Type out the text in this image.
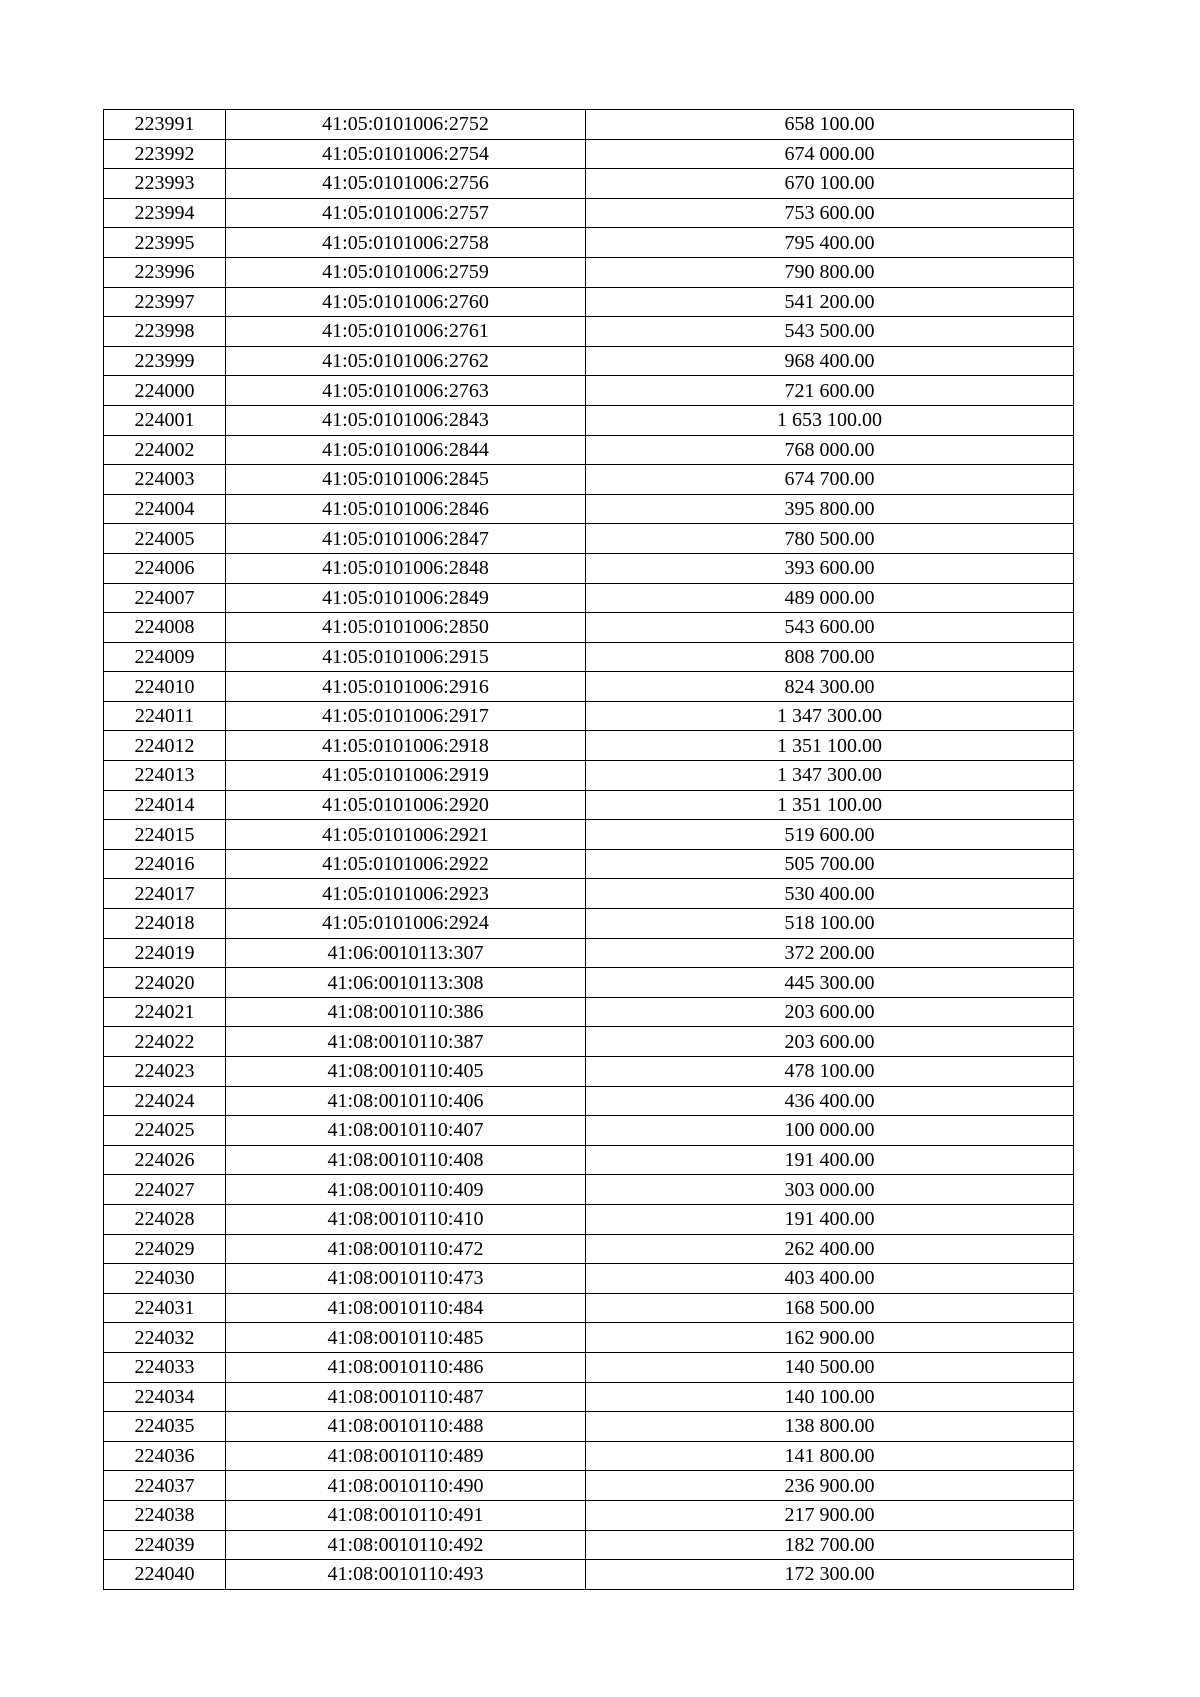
223991	41:05:0101006:2752	658 100.00
223992	41:05:0101006:2754	674 000.00
223993	41:05:0101006:2756	670 100.00
223994	41:05:0101006:2757	753 600.00
223995	41:05:0101006:2758	795 400.00
223996	41:05:0101006:2759	790 800.00
223997	41:05:0101006:2760	541 200.00
223998	41:05:0101006:2761	543 500.00
223999	41:05:0101006:2762	968 400.00
224000	41:05:0101006:2763	721 600.00
224001	41:05:0101006:2843	1 653 100.00
224002	41:05:0101006:2844	768 000.00
224003	41:05:0101006:2845	674 700.00
224004	41:05:0101006:2846	395 800.00
224005	41:05:0101006:2847	780 500.00
224006	41:05:0101006:2848	393 600.00
224007	41:05:0101006:2849	489 000.00
224008	41:05:0101006:2850	543 600.00
224009	41:05:0101006:2915	808 700.00
224010	41:05:0101006:2916	824 300.00
224011	41:05:0101006:2917	1 347 300.00
224012	41:05:0101006:2918	1 351 100.00
224013	41:05:0101006:2919	1 347 300.00
224014	41:05:0101006:2920	1 351 100.00
224015	41:05:0101006:2921	519 600.00
224016	41:05:0101006:2922	505 700.00
224017	41:05:0101006:2923	530 400.00
224018	41:05:0101006:2924	518 100.00
224019	41:06:0010113:307	372 200.00
224020	41:06:0010113:308	445 300.00
224021	41:08:0010110:386	203 600.00
224022	41:08:0010110:387	203 600.00
224023	41:08:0010110:405	478 100.00
224024	41:08:0010110:406	436 400.00
224025	41:08:0010110:407	100 000.00
224026	41:08:0010110:408	191 400.00
224027	41:08:0010110:409	303 000.00
224028	41:08:0010110:410	191 400.00
224029	41:08:0010110:472	262 400.00
224030	41:08:0010110:473	403 400.00
224031	41:08:0010110:484	168 500.00
224032	41:08:0010110:485	162 900.00
224033	41:08:0010110:486	140 500.00
224034	41:08:0010110:487	140 100.00
224035	41:08:0010110:488	138 800.00
224036	41:08:0010110:489	141 800.00
224037	41:08:0010110:490	236 900.00
224038	41:08:0010110:491	217 900.00
224039	41:08:0010110:492	182 700.00
224040	41:08:0010110:493	172 300.00
